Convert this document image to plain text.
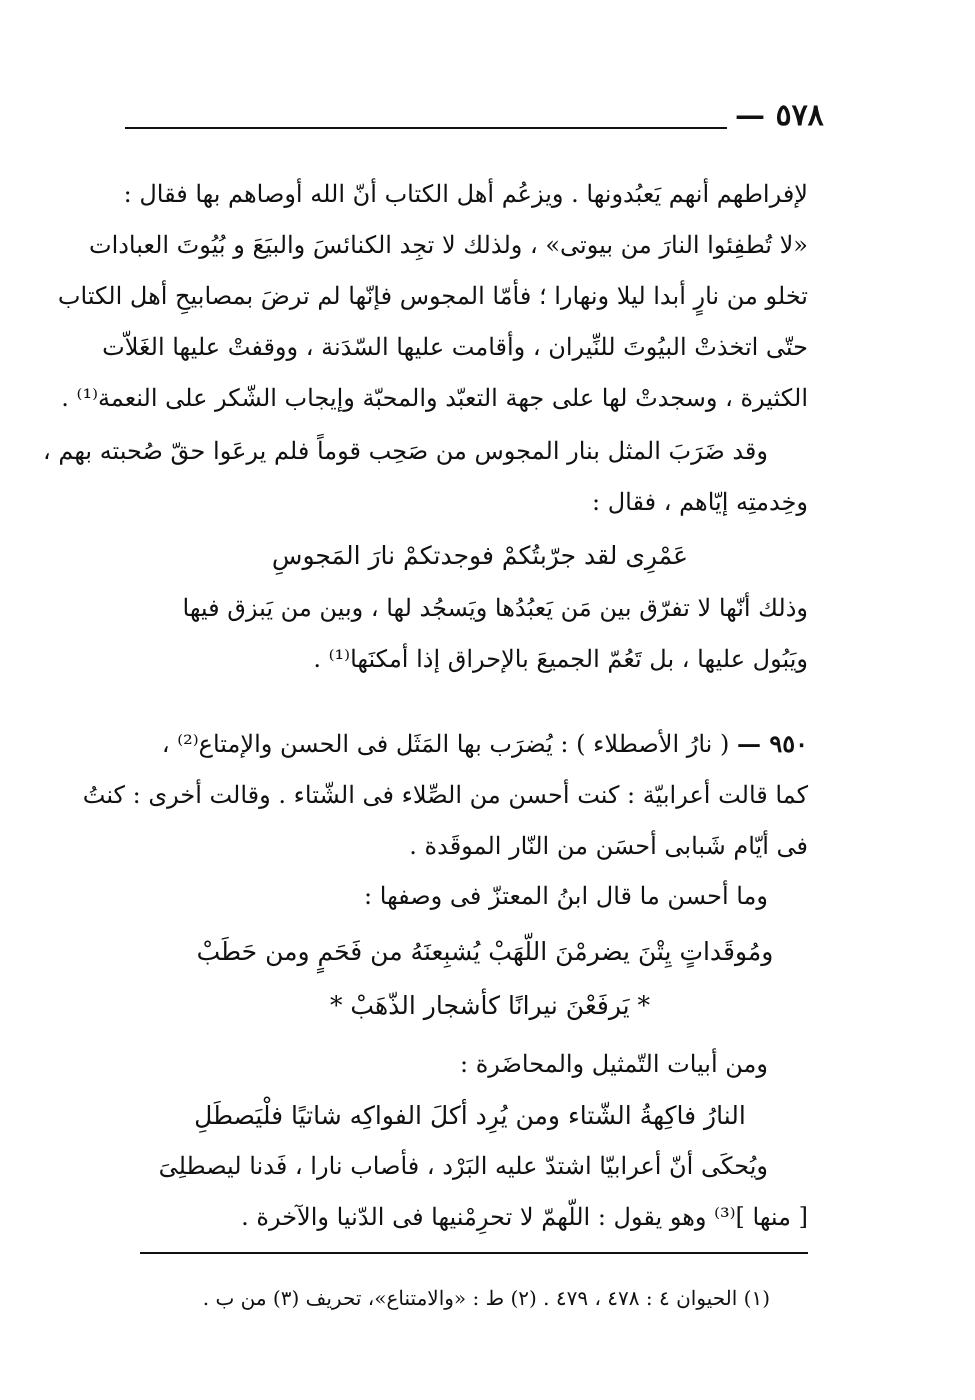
٥٧٨ —
لإفراطهم أنهم يَعبُدونها . ويزعُم أهل الكتاب أنّ الله أوصاهم بها فقال :
«لا تُطفِئوا النارَ من بيوتى» ، ولذلك لا تجِد الكنائسَ والبيَعَ و بُيُوتَ العبادات
تخلو من نارٍ أبدا ليلا ونهارا ؛ فأمّا المجوس فإنّها لم ترضَ بمصابيحِ أهل الكتاب
حتّى اتخذتْ البيُوتَ للنِّيران ، وأقامت عليها السّدَنة ، ووقفتْ عليها الغَلاّت
الكثيرة ، وسجدتْ لها على جهة التعبّد والمحبّة وإيجاب الشّكر على النعمة⁽¹⁾ .
وقد ضَرَبَ المثل بنار المجوس من صَحِب قوماً فلم يرعَوا حقّ صُحبته بهم ،
وخِدمتِه إيّاهم ، فقال :
وذلك أنّها لا تفرّق بين مَن يَعبُدُها ويَسجُد لها ، وبين من يَبزق فيها
ويَبُول عليها ، بل تَعُمّ الجميعَ بالإحراق إذا أمكنَها⁽¹⁾ .
٩٥٠ — ( نارُ الأصطلاء ) : يُضرَب بها المَثَل فى الحسن والإمتاع⁽²⁾ ،
كما قالت أعرابيّة : كنت أحسن من الصِّلاء فى الشّتاء . وقالت أخرى : كنتُ
فى أيّام شَبابى أحسَن من النّار الموقَدة .
وما أحسن ما قال ابنُ المعتزّ فى وصفها :
ومن أبيات التّمثيل والمحاضَرة :
ويُحكَى أنّ أعرابيّا اشتدّ عليه البَرْد ، فأصاب نارا ، فَدنا ليصطلِىَ
[ منها ]⁽³⁾ وهو يقول : اللّهمّ لا تحرِمْنيها فى الدّنيا والآخرة .
عَمْرِى لقد جرّبتُكمْ فوجدتكمْ نارَ المَجوسِ
ومُوقَداتٍ يِتْنَ يضرمْنَ اللّهَبْ يُشبِعنَهُ من فَحَمٍ ومن حَطَبْ
* يَرفَعْنَ نيرانًا كأشجار الذّهَبْ *
النارُ فاكِهةُ الشّتاء ومن يُرِد أكلَ الفواكِه شاتيًا فلْيَصطَلِ
(١) الحيوان ٤ : ٤٧٨ ، ٤٧٩ . (٢) ط : «والامتناع»، تحريف (٣) من ب .
